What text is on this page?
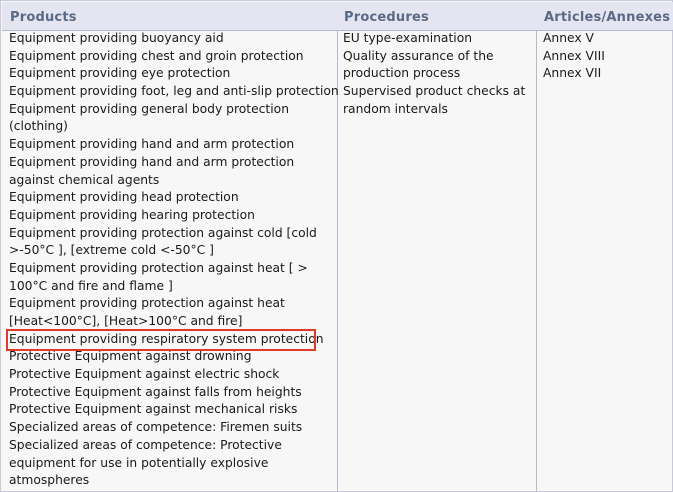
Products	Procedures	Articles/Annexes
Equipment providing buoyancy aid
Equipment providing chest and groin protection
Equipment providing eye protection
Equipment providing foot, leg and anti-slip protection
Equipment providing general body protection
(clothing)
Equipment providing hand and arm protection
Equipment providing hand and arm protection
against chemical agents
Equipment providing head protection
Equipment providing hearing protection
Equipment providing protection against cold [cold
>-50°C ], [extreme cold <-50°C ]
Equipment providing protection against heat [ >
100°C and fire and flame ]
Equipment providing protection against heat
[Heat<100°C], [Heat>100°C and fire]
Equipment providing respiratory system protection
Protective Equipment against drowning
Protective Equipment against electric shock
Protective Equipment against falls from heights
Protective Equipment against mechanical risks
Specialized areas of competence: Firemen suits
Specialized areas of competence: Protective
equipment for use in potentially explosive
atmospheres
EU type-examination
Quality assurance of the
production process
Supervised product checks at
random intervals
Annex V
Annex VIII
Annex VII
